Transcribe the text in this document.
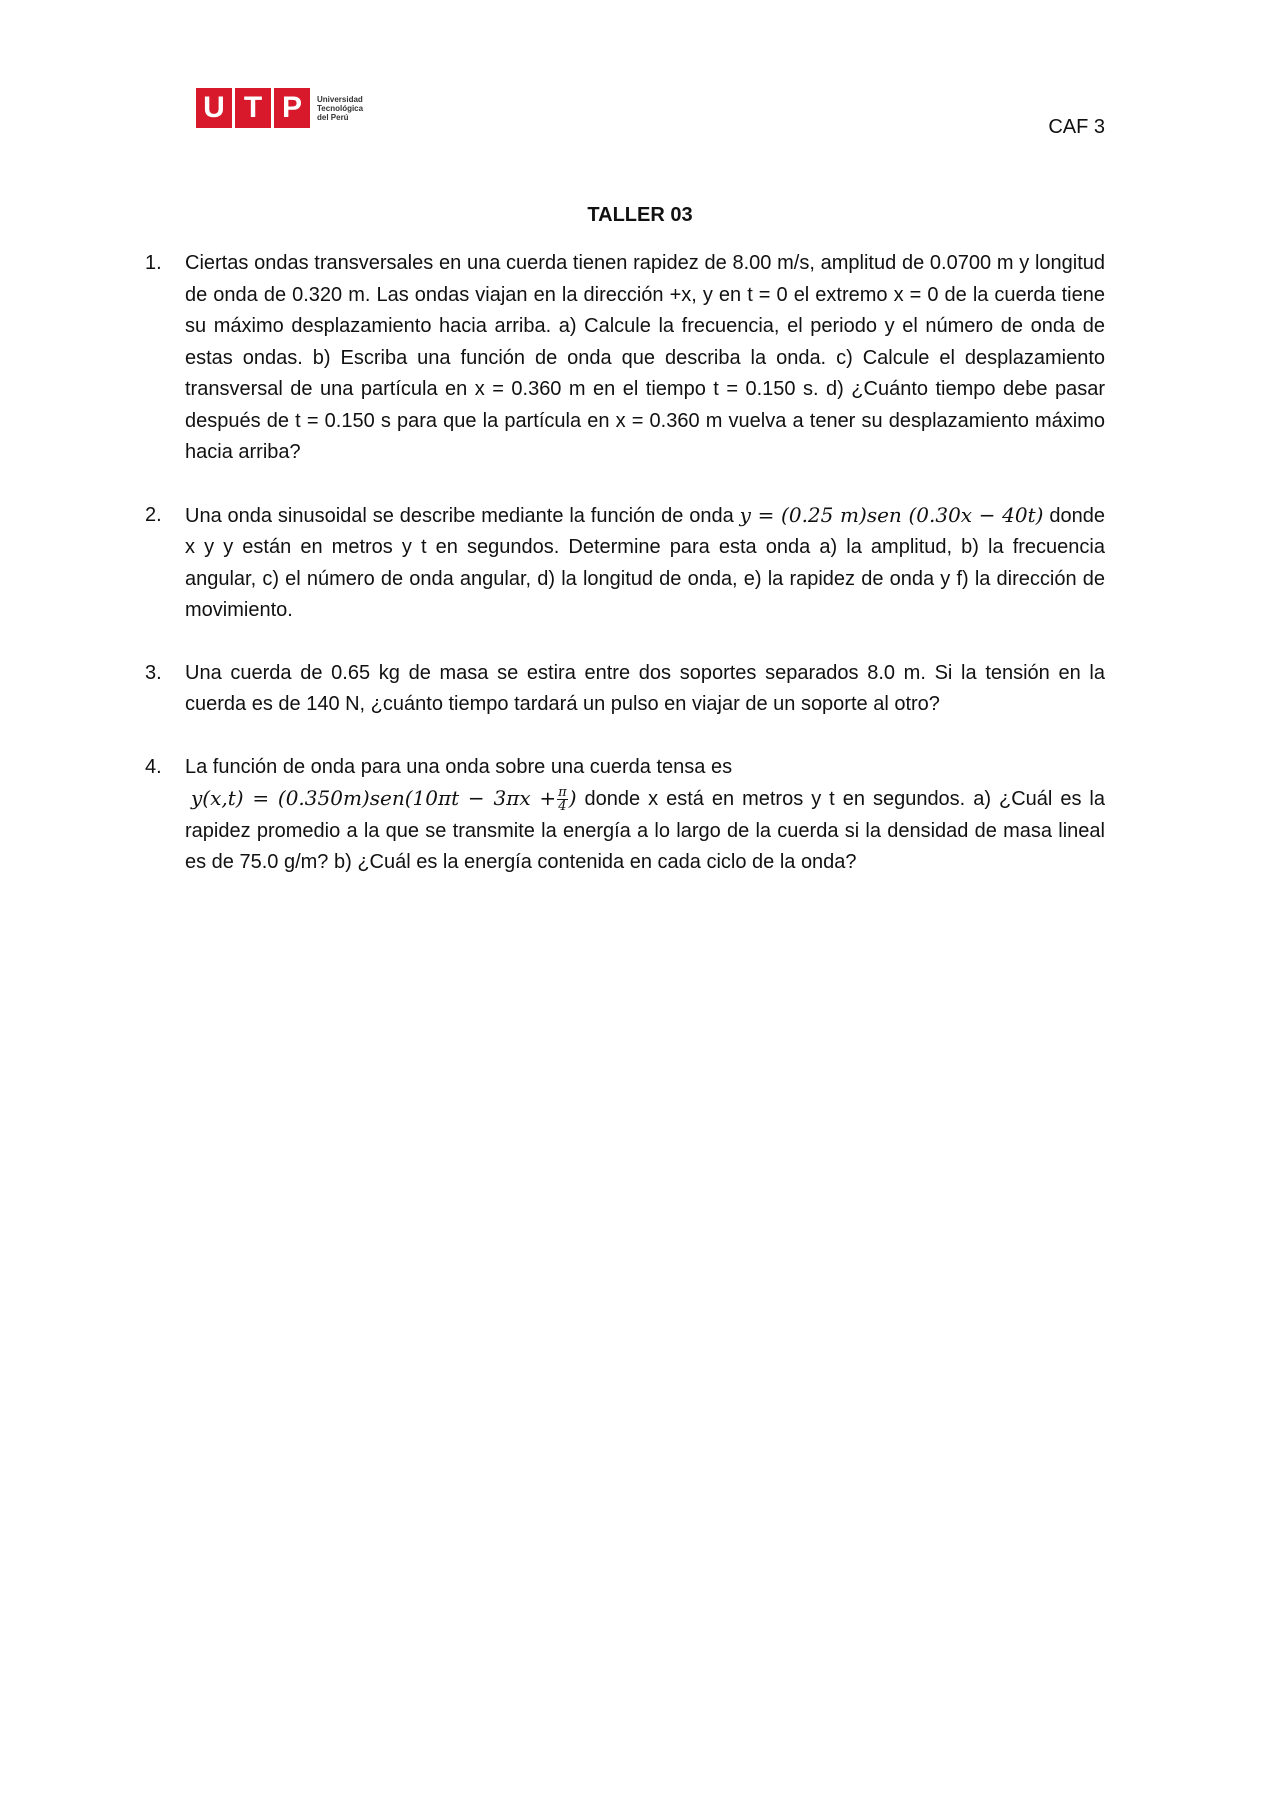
U T P	Universidad
Tecnológica
del Perú	CAF 3
TALLER 03
1. Ciertas ondas transversales en una cuerda tienen rapidez de 8.00 m/s, amplitud de 0.0700 m y longitud de onda de 0.320 m. Las ondas viajan en la dirección +x, y en t = 0 el extremo x = 0 de la cuerda tiene su máximo desplazamiento hacia arriba. a) Calcule la frecuencia, el periodo y el número de onda de estas ondas. b) Escriba una función de onda que describa la onda. c) Calcule el desplazamiento transversal de una partícula en x = 0.360 m en el tiempo t = 0.150 s. d) ¿Cuánto tiempo debe pasar después de t = 0.150 s para que la partícula en x = 0.360 m vuelva a tener su desplazamiento máximo hacia arriba?
2. Una onda sinusoidal se describe mediante la función de onda y = (0.25 m)sen (0.30x − 40t) donde x y y están en metros y t en segundos. Determine para esta onda a) la amplitud, b) la frecuencia angular, c) el número de onda angular, d) la longitud de onda, e) la rapidez de onda y f) la dirección de movimiento.
3. Una cuerda de 0.65 kg de masa se estira entre dos soportes separados 8.0 m. Si la tensión en la cuerda es de 140 N, ¿cuánto tiempo tardará un pulso en viajar de un soporte al otro?
4. La función de onda para una onda sobre una cuerda tensa es
$y(x,t) = (0.350m)sen(10\pi t - 3\pi x + \frac{\pi}{4}$ ) donde x está en metros y t en segundos. a) ¿Cuál es la rapidez promedio a la que se transmite la energía a lo largo de la cuerda si la densidad de masa lineal es de 75.0 g/m? b) ¿Cuál es la energía contenida en cada ciclo de la onda?
